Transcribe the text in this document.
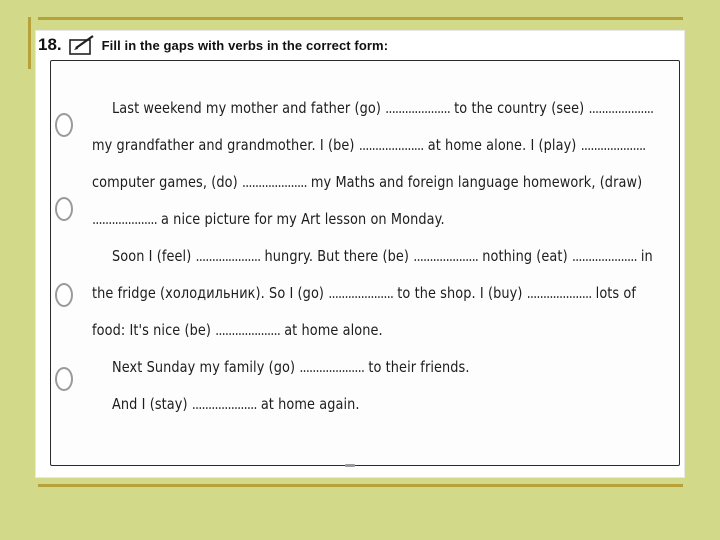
18.	Fill in the gaps with verbs in the correct form:
Last weekend my mother and father (go) .................... to the country (see) ....................
my grandfather and grandmother. I (be) .................... at home alone. I (play) ....................
computer games, (do) .................... my Maths and foreign language homework, (draw)
.................... a nice picture for my Art lesson on Monday.
Soon I (feel) .................... hungry. But there (be) .................... nothing (eat) .................... in
the fridge (холодильник). So I (go) .................... to the shop. I (buy) .................... lots of
food: It's nice (be) .................... at home alone.
Next Sunday my family (go) .................... to their friends.
And I (stay) .................... at home again.
